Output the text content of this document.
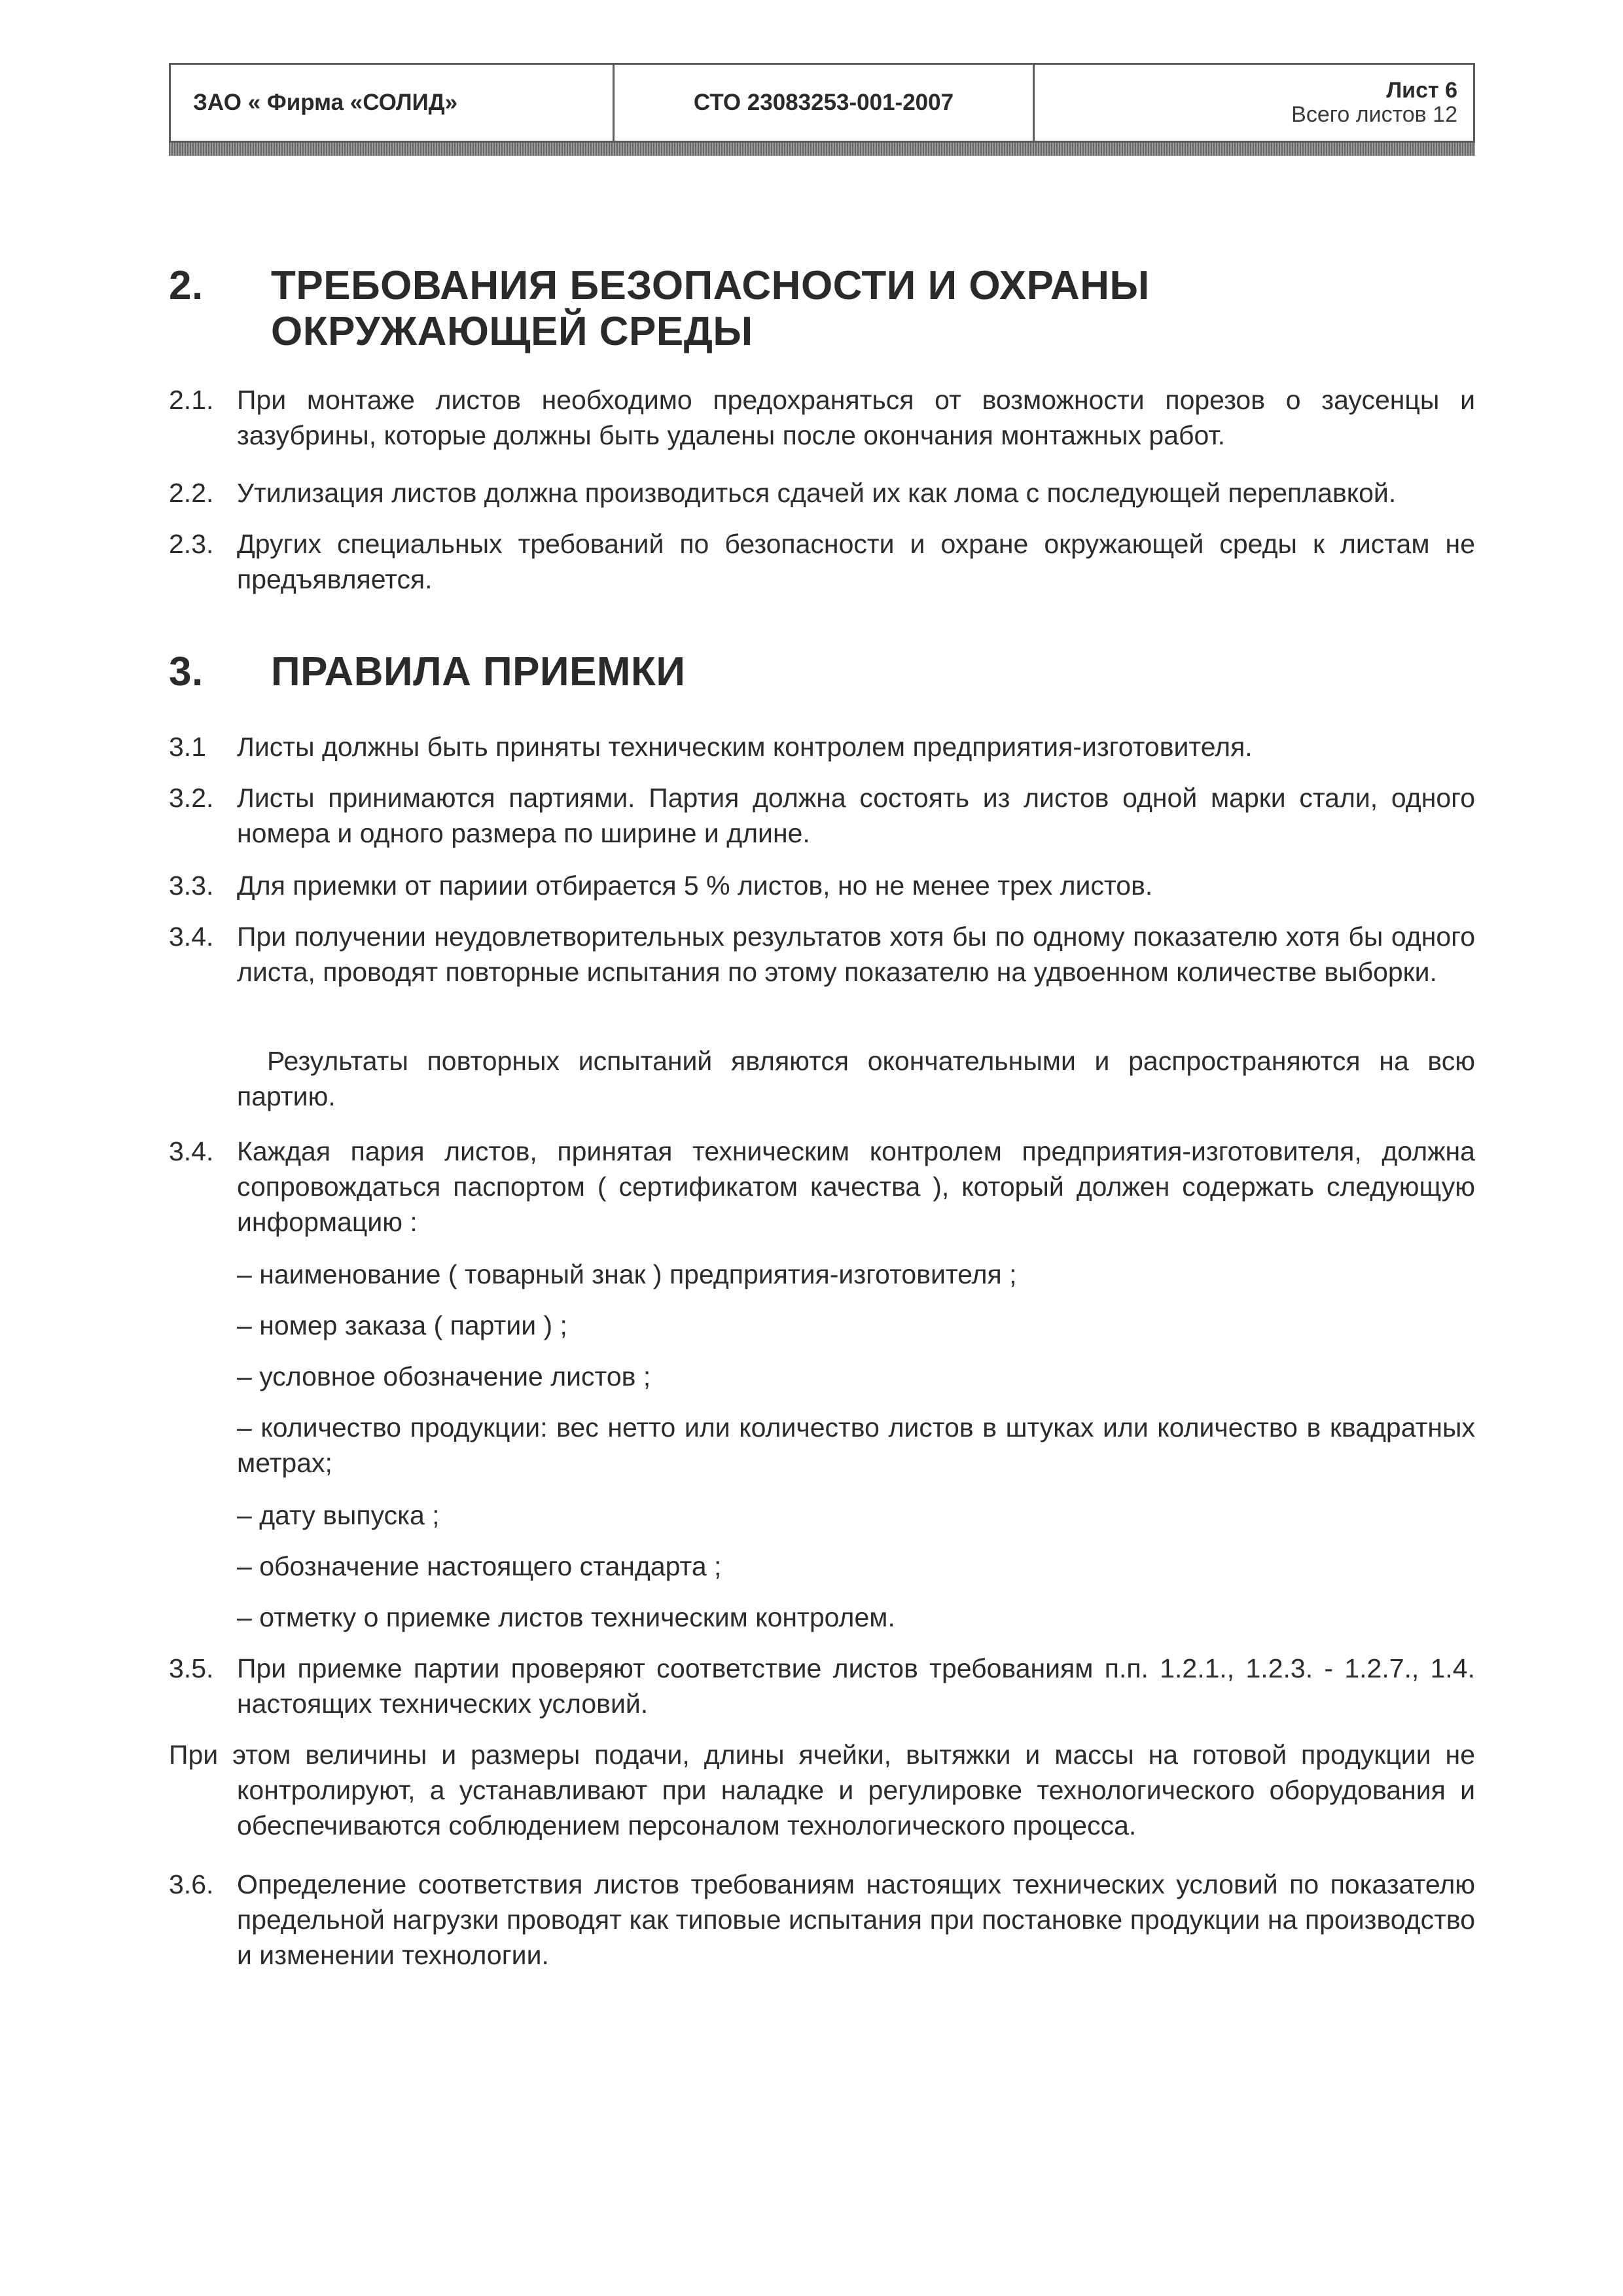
ЗАО « Фирма «СОЛИД»	СТО 23083253-001-2007	Лист 6
Всего листов 12
2.	ТРЕБОВАНИЯ БЕЗОПАСНОСТИ И ОХРАНЫ
ОКРУЖАЮЩЕЙ СРЕДЫ
2.1. При монтаже листов необходимо предохраняться от возможности порезов о заусенцы и зазубрины, которые должны быть удалены после окончания монтажных работ.
2.2. Утилизация листов должна производиться сдачей их как лома с последующей переплавкой.
2.3. Других специальных требований по безопасности и охране окружающей среды к листам не предъявляется.
3.	ПРАВИЛА ПРИЕМКИ
3.1	Листы должны быть приняты техническим контролем предприятия-изготовителя.
3.2. Листы принимаются партиями. Партия должна состоять из листов одной марки стали, одного номера и одного размера по ширине и длине.
3.3. Для приемки от париии отбирается 5 % листов, но не менее трех листов.
3.4. При получении неудовлетворительных результатов хотя бы по одному показателю хотя бы одного листа, проводят повторные испытания по этому показателю на удвоенном количестве выборки.
Результаты повторных испытаний являются окончательными и распространяются на всю партию.
3.4. Каждая пария листов, принятая техническим контролем предприятия-изготовителя, должна сопровождаться паспортом ( сертификатом качества ), который должен содержать следующую информацию :
– наименование ( товарный знак ) предприятия-изготовителя ;
– номер заказа ( партии ) ;
– условное обозначение листов ;
– количество продукции: вес нетто или количество листов в штуках или количество в квадратных метрах;
– дату выпуска ;
– обозначение настоящего стандарта ;
– отметку о приемке листов техническим контролем.
3.5. При приемке партии проверяют соответствие листов требованиям п.п. 1.2.1., 1.2.3. - 1.2.7., 1.4. настоящих технических условий.
При этом величины и размеры подачи, длины ячейки, вытяжки и массы на готовой продукции не контролируют, а устанавливают при наладке и регулировке технологического оборудования и обеспечиваются соблюдением персоналом технологического процесса.
3.6. Определение соответствия листов требованиям настоящих технических условий по показателю предельной нагрузки проводят как типовые испытания при постановке продукции на производство и изменении технологии.
